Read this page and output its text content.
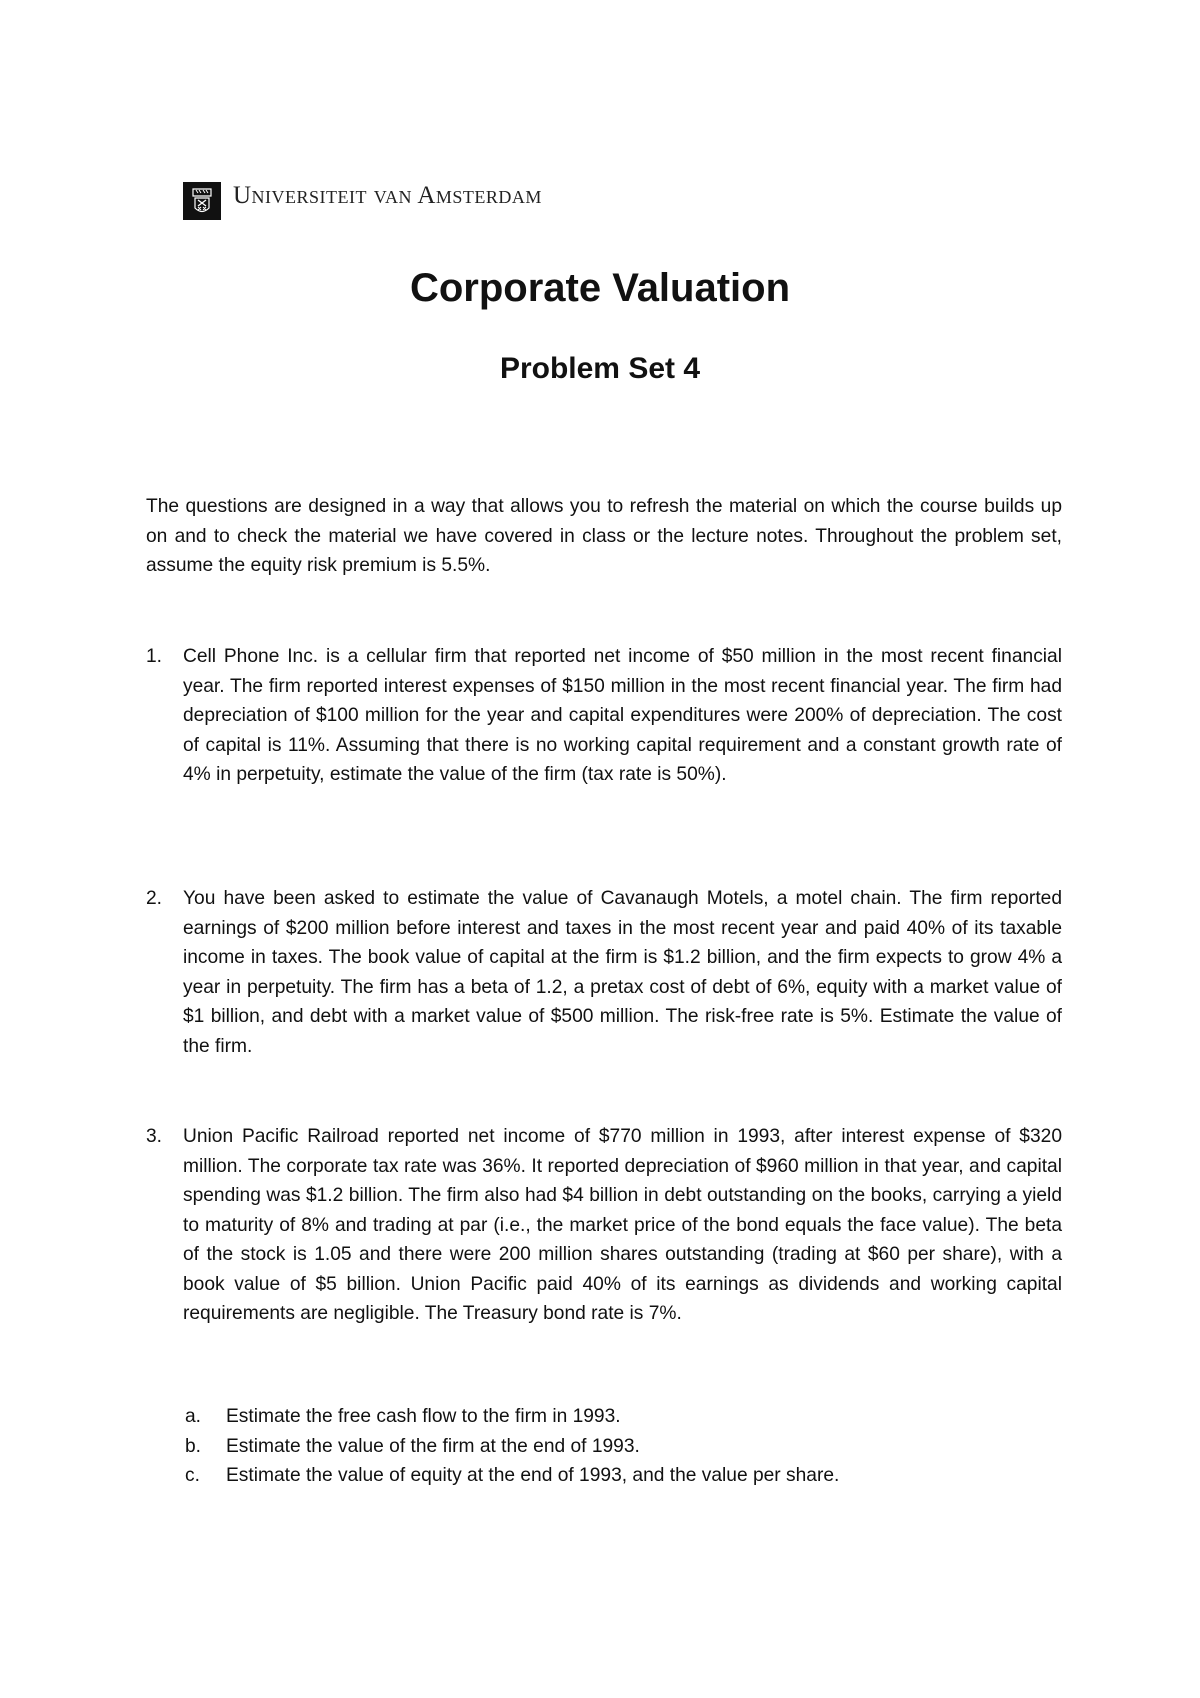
Universiteit van Amsterdam
Corporate Valuation
Problem Set 4
The questions are designed in a way that allows you to refresh the material on which the course builds up on and to check the material we have covered in class or the lecture notes. Throughout the problem set, assume the equity risk premium is 5.5%.
1.	Cell Phone Inc. is a cellular firm that reported net income of $50 million in the most recent financial year. The firm reported interest expenses of $150 million in the most recent financial year. The firm had depreciation of $100 million for the year and capital expenditures were 200% of depreciation. The cost of capital is 11%. Assuming that there is no working capital requirement and a constant growth rate of 4% in perpetuity, estimate the value of the firm (tax rate is 50%).
2.	You have been asked to estimate the value of Cavanaugh Motels, a motel chain. The firm reported earnings of $200 million before interest and taxes in the most recent year and paid 40% of its taxable income in taxes. The book value of capital at the firm is $1.2 billion, and the firm expects to grow 4% a year in perpetuity. The firm has a beta of 1.2, a pretax cost of debt of 6%, equity with a market value of $1 billion, and debt with a market value of $500 million. The risk-free rate is 5%. Estimate the value of the firm.
3.	Union Pacific Railroad reported net income of $770 million in 1993, after interest expense of $320 million. The corporate tax rate was 36%. It reported depreciation of $960 million in that year, and capital spending was $1.2 billion. The firm also had $4 billion in debt outstanding on the books, carrying a yield to maturity of 8% and trading at par (i.e., the market price of the bond equals the face value). The beta of the stock is 1.05 and there were 200 million shares outstanding (trading at $60 per share), with a book value of $5 billion. Union Pacific paid 40% of its earnings as dividends and working capital requirements are negligible. The Treasury bond rate is 7%.
a.	Estimate the free cash flow to the firm in 1993.
b.	Estimate the value of the firm at the end of 1993.
c.	Estimate the value of equity at the end of 1993, and the value per share.
